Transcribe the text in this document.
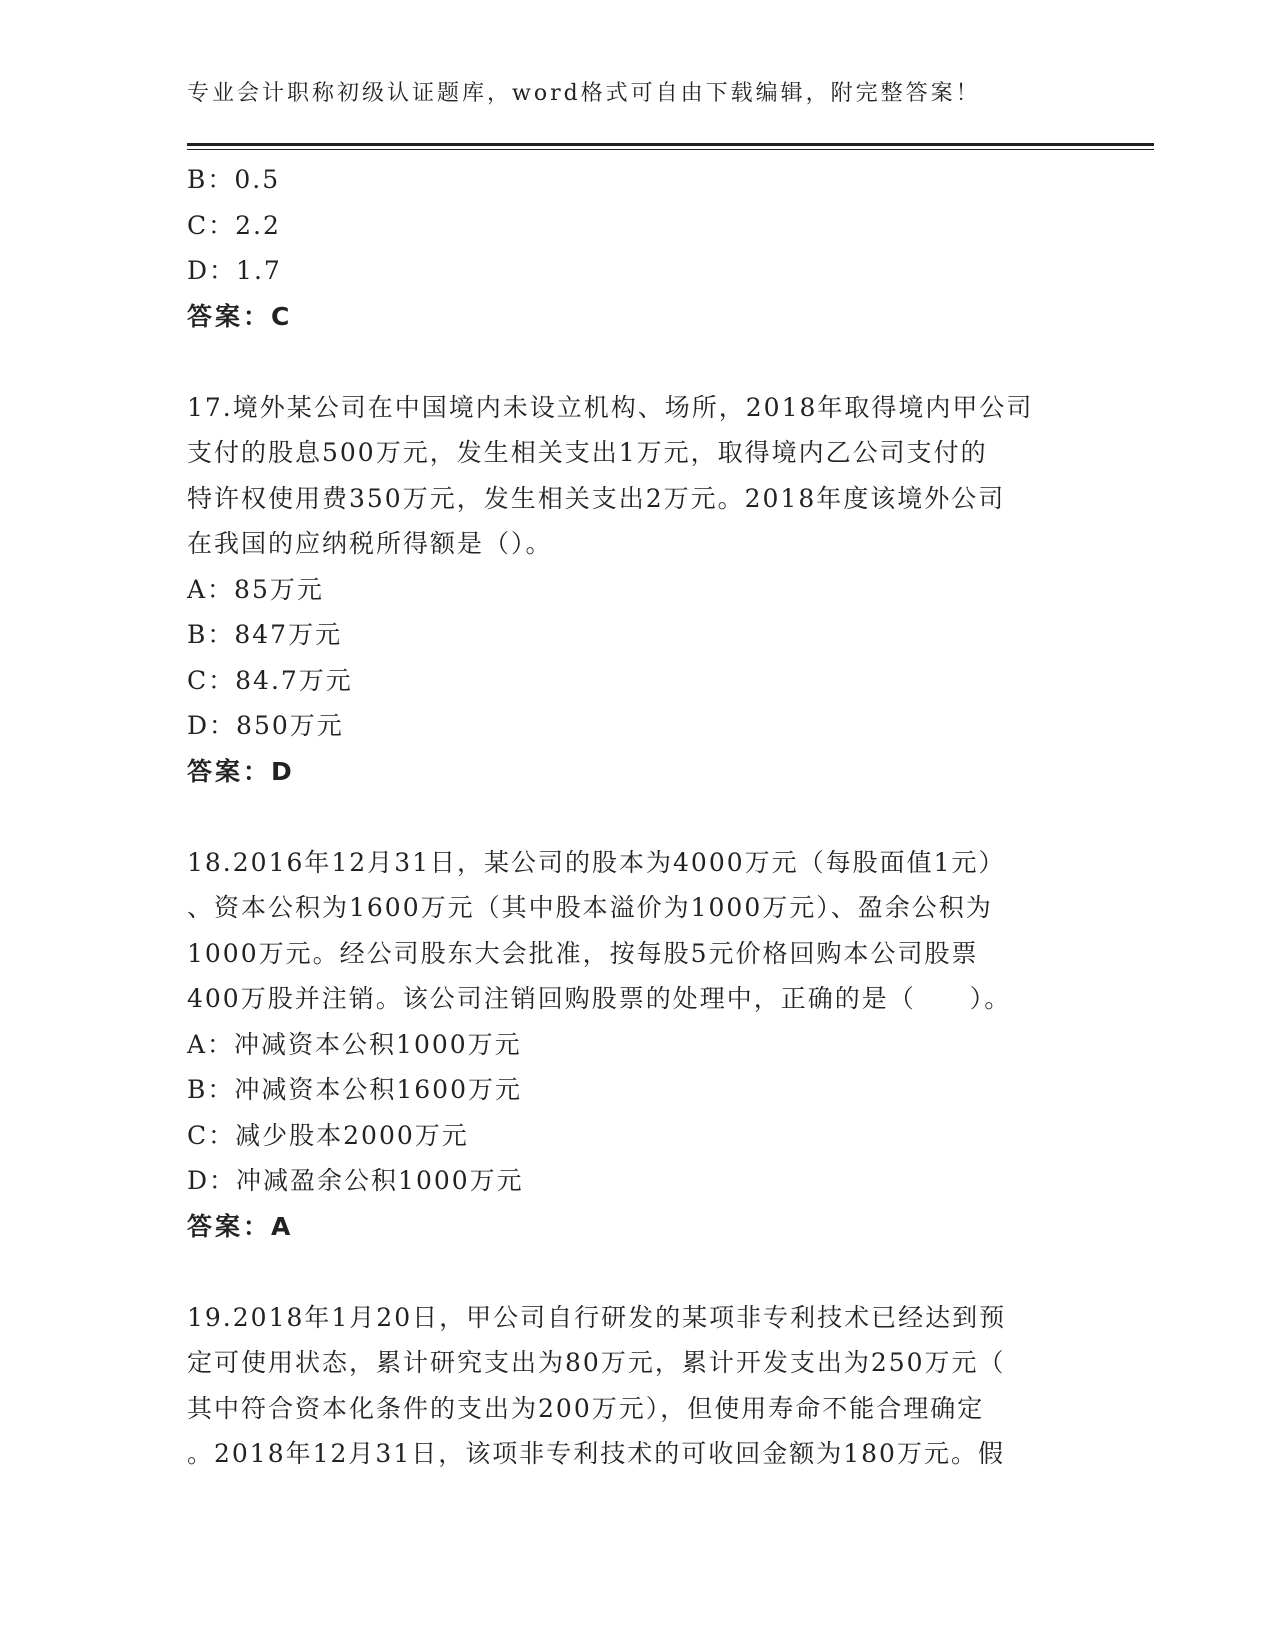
专业会计职称初级认证题库，word格式可自由下载编辑，附完整答案！
B：0.5
C：2.2
D：1.7
答案：C
17.境外某公司在中国境内未设立机构、场所，2018年取得境内甲公司
支付的股息500万元，发生相关支出1万元，取得境内乙公司支付的
特许权使用费350万元，发生相关支出2万元。2018年度该境外公司
在我国的应纳税所得额是（）。
A：85万元
B：847万元
C：84.7万元
D：850万元
答案：D
18.2016年12月31日，某公司的股本为4000万元（每股面值1元）
、资本公积为1600万元（其中股本溢价为1000万元）、盈余公积为
1000万元。经公司股东大会批准，按每股5元价格回购本公司股票
400万股并注销。该公司注销回购股票的处理中，正确的是（　　）。
A：冲减资本公积1000万元
B：冲减资本公积1600万元
C：减少股本2000万元
D：冲减盈余公积1000万元
答案：A
19.2018年1月20日，甲公司自行研发的某项非专利技术已经达到预
定可使用状态，累计研究支出为80万元，累计开发支出为250万元（
其中符合资本化条件的支出为200万元），但使用寿命不能合理确定
。2018年12月31日，该项非专利技术的可收回金额为180万元。假
